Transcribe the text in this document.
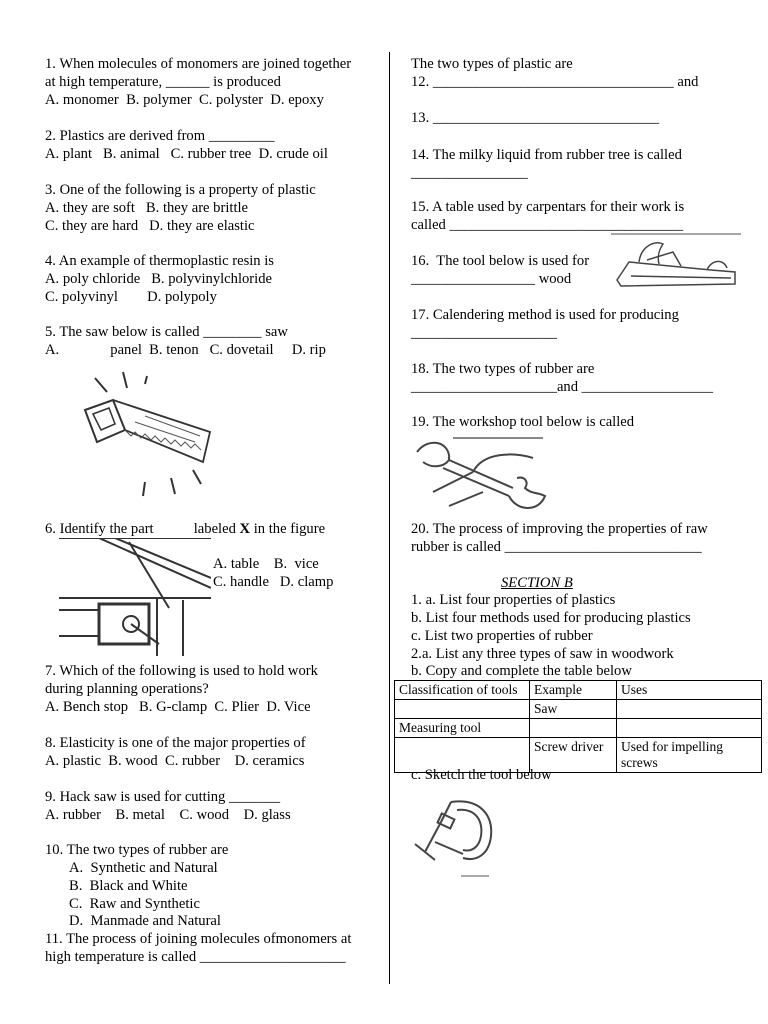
1. When molecules of monomers are joined together
at high temperature, ______ is produced
A. monomer  B. polymer  C. polyster  D. epoxy
2. Plastics are derived from _________
A. plant   B. animal   C. rubber tree  D. crude oil
3. One of the following is a property of plastic
A. they are soft   B. they are brittle
C. they are hard   D. they are elastic
4. An example of thermoplastic resin is
A. poly chloride   B. polyvinylchloride
C. polyvinyl        D. polypoly
5. The saw below is called ________ saw
A.              panel  B. tenon   C. dovetail     D. rip
6. Identify the part           labeled X in the figure
A. table    B.  vice
C. handle   D. clamp
7. Which of the following is used to hold work
during planning operations?
A. Bench stop   B. G-clamp  C. Plier  D. Vice
8. Elasticity is one of the major properties of
A. plastic  B. wood  C. rubber    D. ceramics
9. Hack saw is used for cutting _______
A. rubber    B. metal    C. wood    D. glass
10. The two types of rubber are
A.  Synthetic and Natural
B.  Black and White
C.  Raw and Synthetic
D.  Manmade and Natural
11. The process of joining molecules ofmonomers at
high temperature is called ____________________
The two types of plastic are
12. _________________________________ and
13. _______________________________
14. The milky liquid from rubber tree is called
________________
15. A table used by carpentars for their work is
called ________________________________
16.  The tool below is used for
_________________ wood
17. Calendering method is used for producing
____________________
18. The two types of rubber are
____________________and __________________
19. The workshop tool below is called
20. The process of improving the properties of raw
rubber is called ___________________________
SECTION B
1. a. List four properties of plastics
b. List four methods used for producing plastics
c. List two properties of rubber
2.a. List any three types of saw in woodwork
b. Copy and complete the table below
c. Sketch the tool below
Classification of tools	Example	Uses
	Saw	
Measuring tool		
	Screw driver	Used for impelling screws
